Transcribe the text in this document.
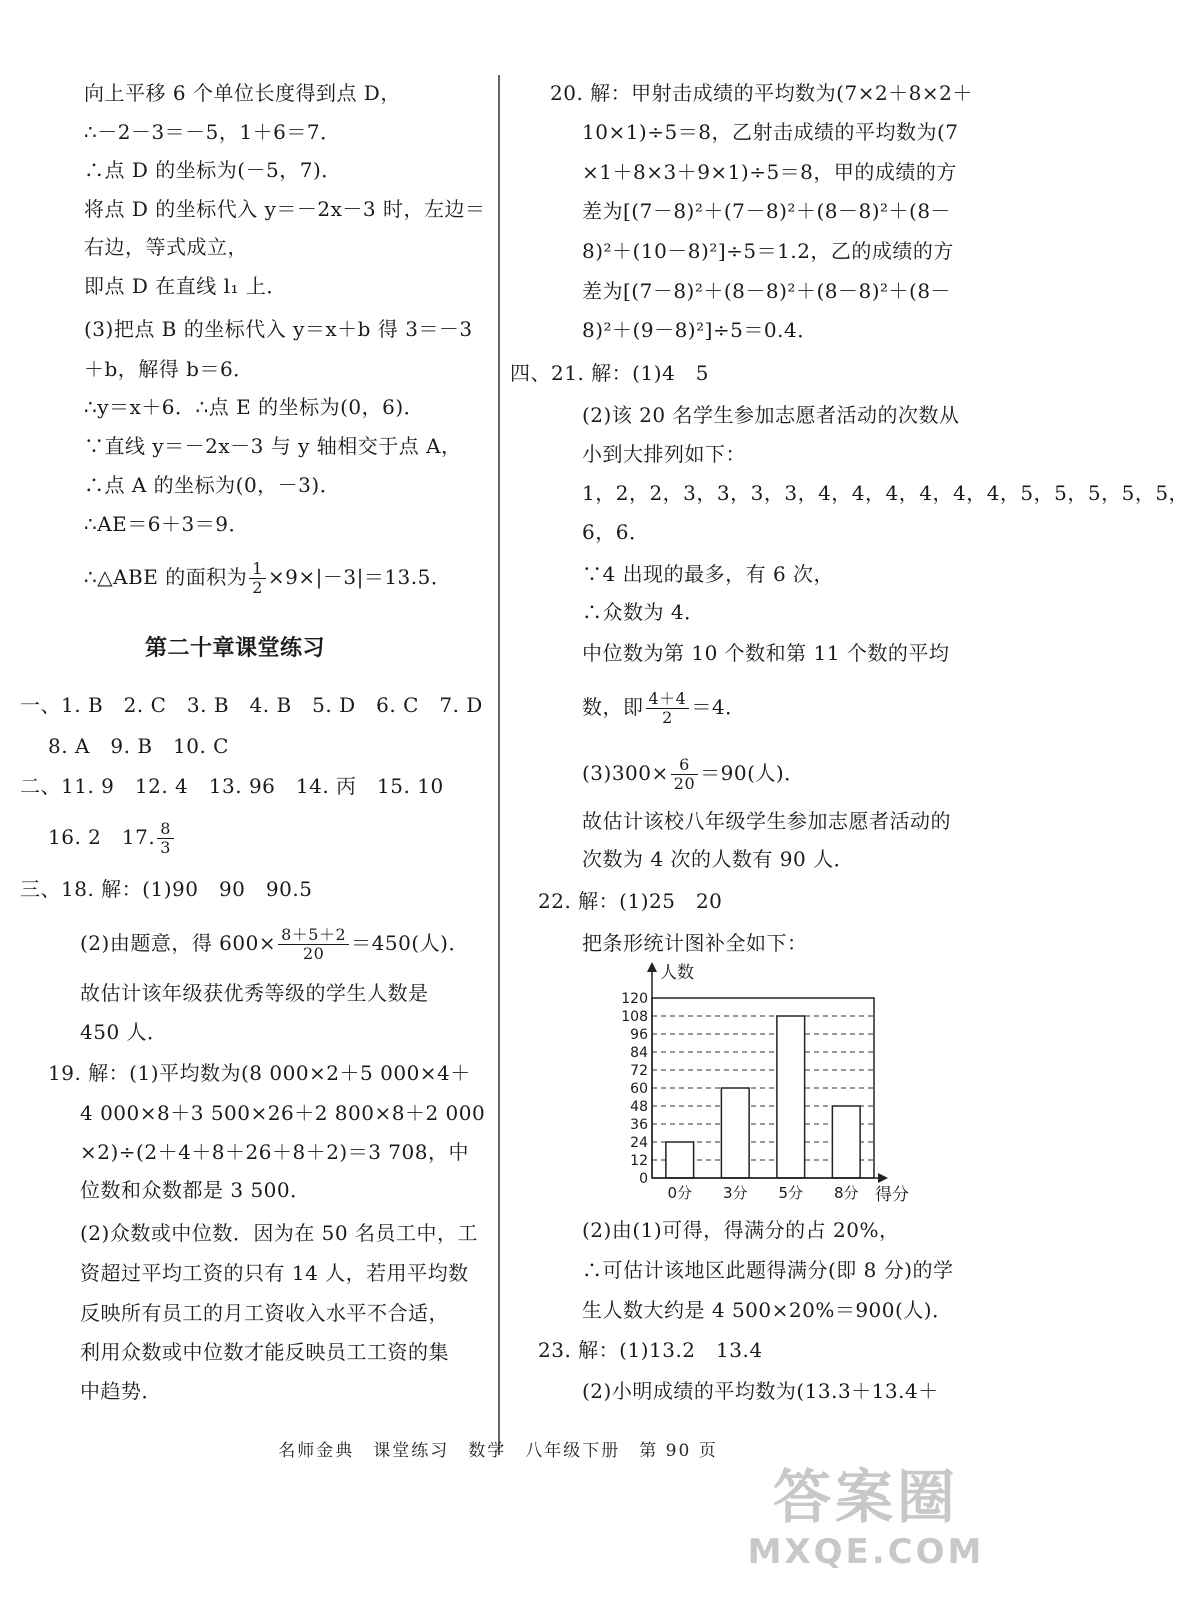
向上平移 6 个单位长度得到点 D，
∴－2－3＝－5，1＋6＝7．
∴点 D 的坐标为(－5，7)．
将点 D 的坐标代入 y＝－2x－3 时，左边＝
右边，等式成立，
即点 D 在直线 l₁ 上．
(3)把点 B 的坐标代入 y＝x＋b 得 3＝－3
＋b，解得 b＝6．
∴y＝x＋6．∴点 E 的坐标为(0，6)．
∵直线 y＝－2x－3 与 y 轴相交于点 A，
∴点 A 的坐标为(0，－3)．
∴AE＝6＋3＝9．
∴△ABE 的面积为 $\frac{1}{2} \times 9\times|-3|=13.5$．
第二十章课堂练习
一、1. B　2. C　3. B　4. B　5. D　6. C　7. D
8. A　9. B　10. C
二、11. 9　12. 4　13. 96　14. 丙　15. 10
16. 2　17. $\frac{8}{3}$
三、18. 解：(1)90　90　90.5
(2)由题意，得 $600\times \frac{8+5+2}{20} =450$(人)．
故估计该年级获优秀等级的学生人数是
450 人．
19. 解：(1)平均数为(8 000×2＋5 000×4＋
4 000×8＋3 500×26＋2 800×8＋2 000
×2)÷(2＋4＋8＋26＋8＋2)＝3 708，中
位数和众数都是 3 500．
(2)众数或中位数．因为在 50 名员工中，工
资超过平均工资的只有 14 人，若用平均数
反映所有员工的月工资收入水平不合适，
利用众数或中位数才能反映员工工资的集
中趋势．
20. 解：甲射击成绩的平均数为(7×2＋8×2＋
10×1)÷5＝8，乙射击成绩的平均数为(7
×1＋8×3＋9×1)÷5＝8，甲的成绩的方
差为[(7－8)²＋(7－8)²＋(8－8)²＋(8－
8)²＋(10－8)²]÷5＝1.2，乙的成绩的方
差为[(7－8)²＋(8－8)²＋(8－8)²＋(8－
8)²＋(9－8)²]÷5＝0.4．
四、21. 解：(1)4　5
(2)该 20 名学生参加志愿者活动的次数从
小到大排列如下：
1，2，2，3，3，3，3，4，4，4，4，4，4，5，5，5，5，5，
6，6．
∵4 出现的最多，有 6 次，
∴众数为 4．
中位数为第 10 个数和第 11 个数的平均
数，即 $\frac{4+4}{2} =4$．
$(3)300\times \frac{6}{20} =90$(人)．
故估计该校八年级学生参加志愿者活动的
次数为 4 次的人数有 90 人．
22. 解：(1)25　20
把条形统计图补全如下：
0
12
24
36
48
60
72
84
96
108
120
0分 3分 5分 8分
人数
得分
(2)由(1)可得，得满分的占 20%，
∴可估计该地区此题得满分(即 8 分)的学
生人数大约是 4 500×20%＝900(人)．
23. 解：(1)13.2　13.4
(2)小明成绩的平均数为(13.3＋13.4＋
名师金典　课堂练习　数学　八年级下册　第 90 页
答案圈
MXQE.COM
